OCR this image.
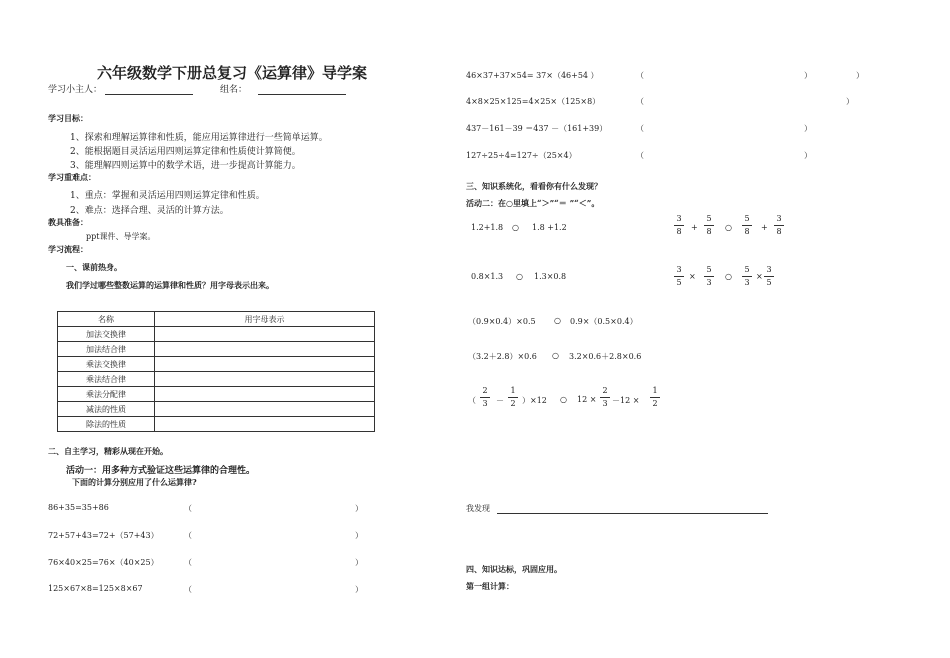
六年级数学下册总复习《运算律》导学案
学习小主人：	组名：
学习目标：
1、探索和理解运算律和性质，能应用运算律进行一些简单运算。
2、能根据题目灵活运用四则运算定律和性质使计算简便。
3、能理解四则运算中的数学术语，进一步提高计算能力。
学习重难点：
1、重点：掌握和灵活运用四则运算定律和性质。
2、难点：选择合理、灵活的计算方法。
教具准备：
ppt课件、导学案。
学习流程：
一、课前热身。
我们学过哪些整数运算的运算律和性质？用字母表示出来。
名称	用字母表示
加法交换律	
加法结合律	
乘法交换律	
乘法结合律	
乘法分配律	
减法的性质	
除法的性质	
二、自主学习，精彩从现在开始。
活动一：用多种方式验证这些运算律的合理性。
下面的计算分别应用了什么运算律?
86+35=35+86	（	）
72+57+43=72+（57+43）	（	）
76×40×25=76×（40×25）	（	）
125×67×8=125×8×67	（	）
46×37+37×54= 37×（46+54 ）	（	）	）
4×8×25×125=4×25×（125×8）	（	）
437－161－39 ＝437 －（161+39）	（	）
127÷25÷4=127÷（25×4）	（	）
三、知识系统化，看看你有什么发现？
活动二：在○里填上“＞”“＝ ”“＜”。
1.2+1.8 ○ 1.8 +1.2
3
8	+
5
8	○
5
8	+
3
8
0.8×1.3 ○ 1.3×0.8
3
5
×
5
3
○
5
3
×
3
5
（0.9×0.4）×0.5 ○ 0.9×（0.5×0.4）
（3.2＋2.8）×0.6 ○ 3.2×0.6＋2.8×0.6
（
2
3	－
1
2 ）×12 ○ 12 ×
2
3 －12 ×
1
2
我发现
四、知识达标，巩固应用。
第一组计算：
